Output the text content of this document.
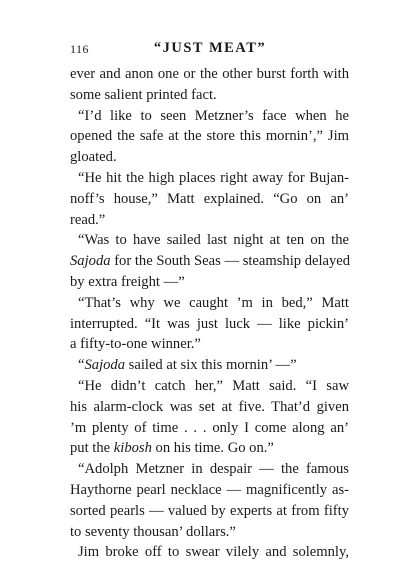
116	“JUST MEAT”
ever and anon one or the other burst forth with
some salient printed fact.
“I’d like to seen Metzner’s face when he
opened the safe at the store this mornin’,” Jim
gloated.
“He hit the high places right away for Bujan-
noff’s house,” Matt explained. “Go on an’
read.”
“Was to have sailed last night at ten on the
Sajoda for the South Seas — steamship delayed
by extra freight —”
“That’s why we caught ’m in bed,” Matt
interrupted. “It was just luck — like pickin’
a fifty-to-one winner.”
“Sajoda sailed at six this mornin’ —”
“He didn’t catch her,” Matt said. “I saw
his alarm-clock was set at five. That’d given
’m plenty of time . . . only I come along an’
put the kibosh on his time. Go on.”
“Adolph Metzner in despair — the famous
Haythorne pearl necklace — magnificently as-
sorted pearls — valued by experts at from fifty
to seventy thousan’ dollars.”
Jim broke off to swear vilely and solemnly,
